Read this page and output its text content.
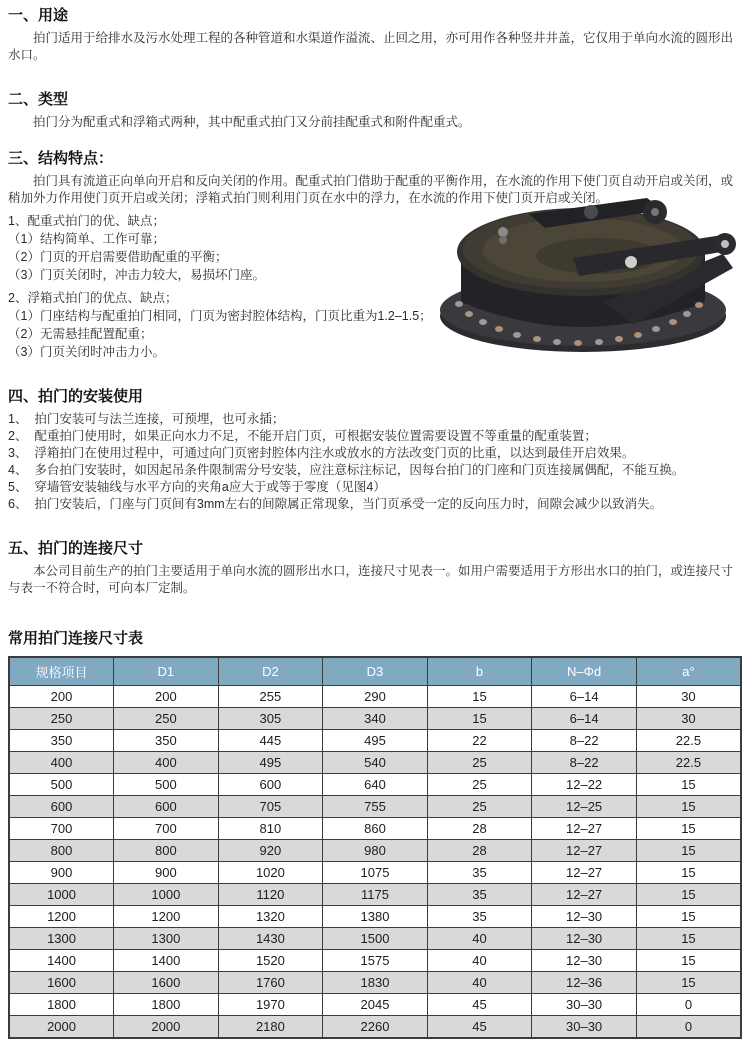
一、用途

拍门适用于给排水及污水处理工程的各种管道和水渠道作溢流、止回之用，亦可用作各种竖井井盖，它仅用于单向水流的圆形出水口。

二、类型

拍门分为配重式和浮箱式两种，其中配重式拍门又分前挂配重式和附件配重式。

三、结构特点：

拍门具有流道正向单向开启和反向关闭的作用。配重式拍门借助于配重的平衡作用，在水流的作用下使门页自动开启或关闭，或稍加外力作用使门页开启或关闭；浮箱式拍门则利用门页在水中的浮力，在水流的作用下使门页开启或关闭。

1、配重式拍门的优、缺点；

（1）结构简单、工作可靠；

（2）门页的开启需要借助配重的平衡；

（3）门页关闭时，冲击力较大，易损坏门座。

2、浮箱式拍门的优点、缺点；

（1）门座结构与配重拍门相同，门页为密封腔体结构，门页比重为1.2–1.5；

（2）无需悬挂配置配重；

（3）门页关闭时冲击力小。

四、拍门的安装使用

1、  拍门安装可与法兰连接，可预埋，也可永插；

2、  配重拍门使用时，如果正向水力不足，不能开启门页，可根据安装位置需要设置不等重量的配重装置；

3、  浮箱拍门在使用过程中，可通过向门页密封腔体内注水或放水的方法改变门页的比重，以达到最佳开启效果。

4、  多台拍门安装时，如因起吊条件限制需分号安装，应注意标注标记，因每台拍门的门座和门页连接属偶配，不能互换。

5、  穿墙管安装轴线与水平方向的夹角a应大于或等于零度（见图4）

6、  拍门安装后，门座与门页间有3mm左右的间隙属正常现象，当门页承受一定的反向压力时，间隙会减少以致消失。

五、拍门的连接尺寸

本公司目前生产的拍门主要适用于单向水流的圆形出水口，连接尺寸见表一。如用户需要适用于方形出水口的拍门，或连接尺寸与表一不符合时，可向本厂定制。

常用拍门连接尺寸表
规格项目	D1	D2	D3	b	N–Φd	a°
200	200	255	290	15	6–14	30
250	250	305	340	15	6–14	30
350	350	445	495	22	8–22	22.5
400	400	495	540	25	8–22	22.5
500	500	600	640	25	12–22	15
600	600	705	755	25	12–25	15
700	700	810	860	28	12–27	15
800	800	920	980	28	12–27	15
900	900	1020	1075	35	12–27	15
1000	1000	1120	1175	35	12–27	15
1200	1200	1320	1380	35	12–30	15
1300	1300	1430	1500	40	12–30	15
1400	1400	1520	1575	40	12–30	15
1600	1600	1760	1830	40	12–36	15
1800	1800	1970	2045	45	30–30	0
2000	2000	2180	2260	45	30–30	0
